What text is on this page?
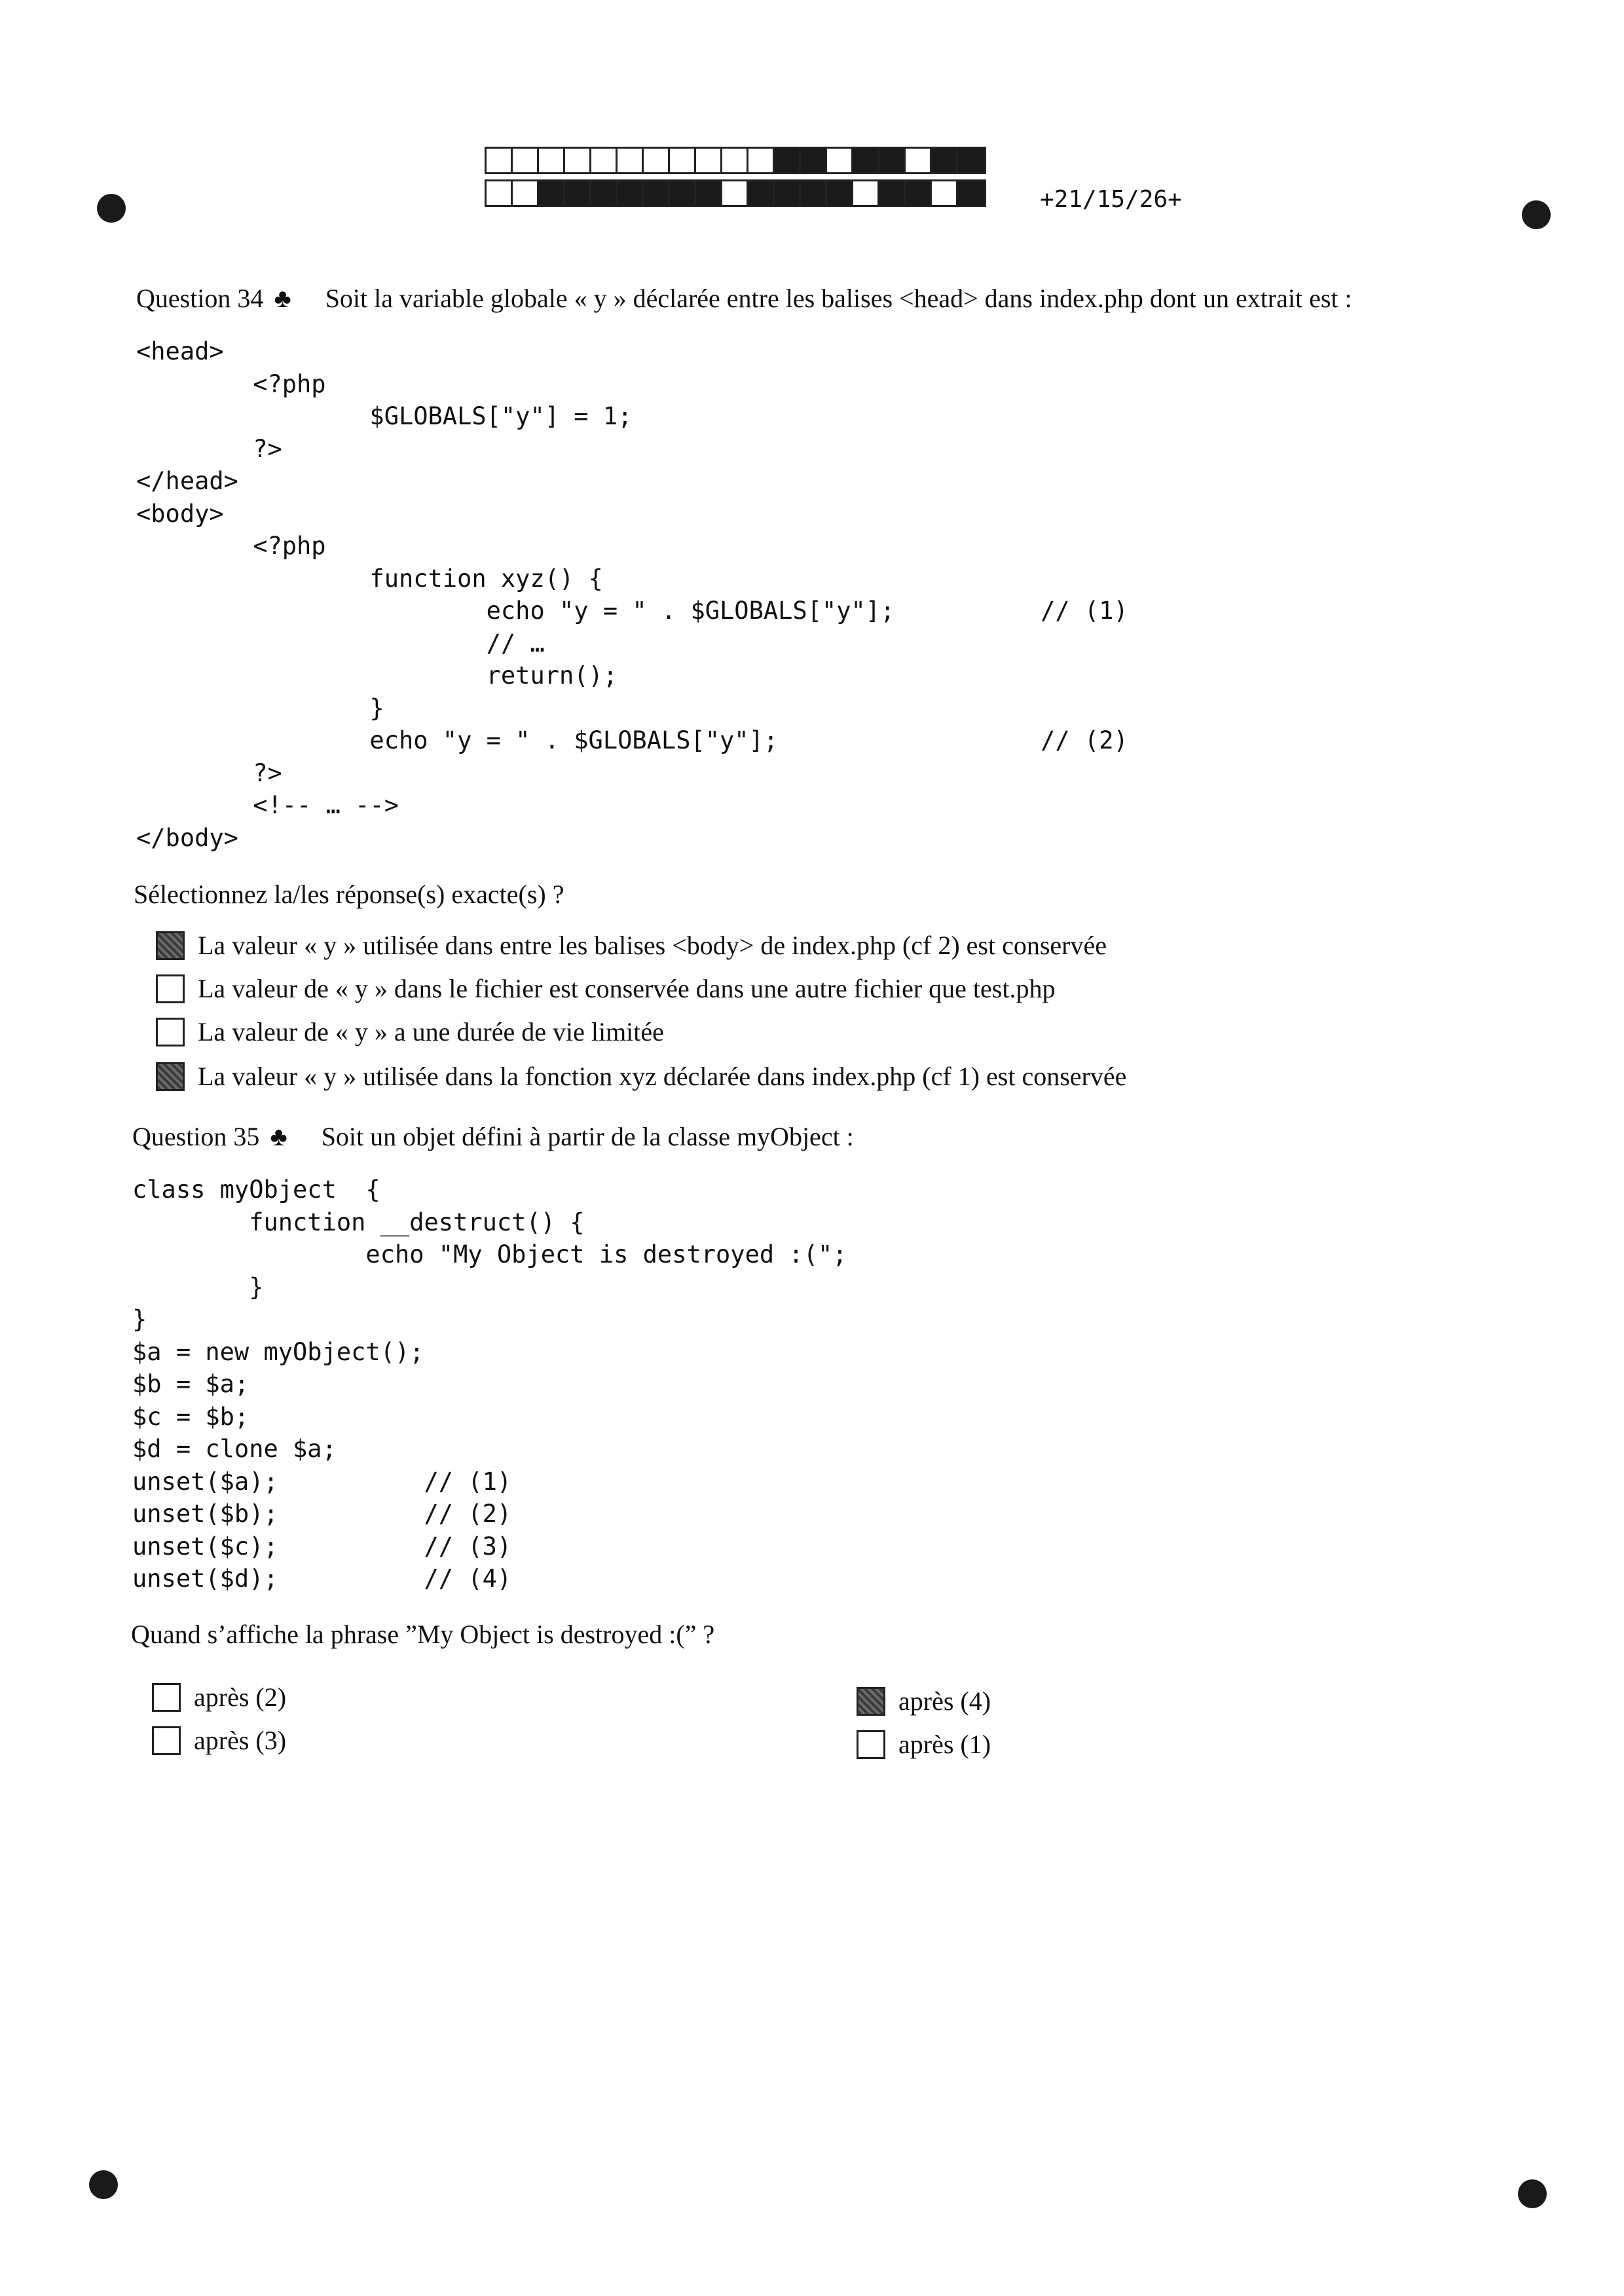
+21/15/26+
Question 34 ♣ Soit la variable globale « y » déclarée entre les balises <head> dans index.php dont un extrait est :
<head>
<?php
$GLOBALS["y"] = 1;
?>
</head>
<body>
<?php
function xyz() {
echo "y = " . $GLOBALS["y"];          // (1)
// …
return();
}
echo "y = " . $GLOBALS["y"];                  // (2)
?>
<!-- … -->
</body>
Sélectionnez la/les réponse(s) exacte(s) ?
La valeur « y » utilisée dans entre les balises <body> de index.php (cf 2) est conservée
La valeur de « y » dans le fichier est conservée dans une autre fichier que test.php
La valeur de « y » a une durée de vie limitée
La valeur « y » utilisée dans la fonction xyz déclarée dans index.php (cf 1) est conservée
Question 35 ♣ Soit un objet défini à partir de la classe myObject :
class myObject  {
function __destruct() {
echo "My Object is destroyed :(";
}
}
$a = new myObject();
$b = $a;
$c = $b;
$d = clone $a;
unset($a);          // (1)
unset($b);          // (2)
unset($c);          // (3)
unset($d);          // (4)
Quand s’affiche la phrase ”My Object is destroyed :(” ?
après (2)
après (3)
après (4)
après (1)
